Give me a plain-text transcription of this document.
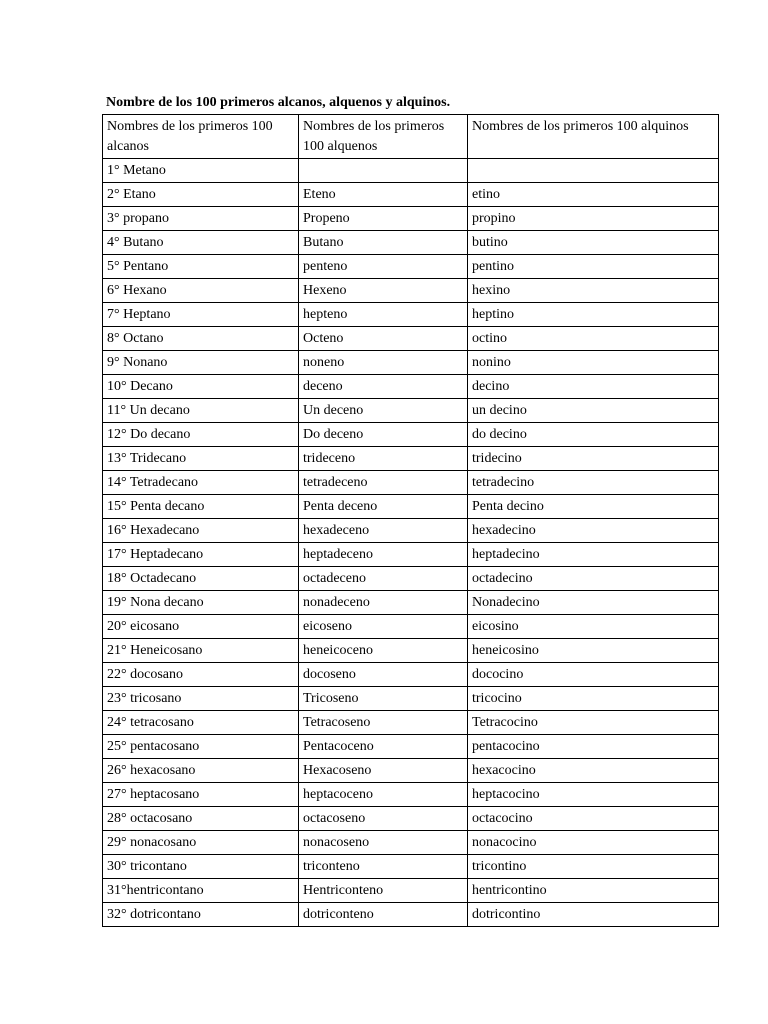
Nombre de los 100 primeros alcanos, alquenos y alquinos.
Nombres de los primeros 100 alcanos	Nombres de los primeros 100 alquenos	Nombres de los primeros 100 alquinos
1° Metano		
2° Etano	Eteno	etino
3° propano	Propeno	propino
4° Butano	Butano	butino
5° Pentano	penteno	pentino
6° Hexano	Hexeno	hexino
7° Heptano	hepteno	heptino
8° Octano	Octeno	octino
9° Nonano	noneno	nonino
10° Decano	deceno	decino
11° Un decano	Un deceno	un decino
12° Do decano	Do deceno	do decino
13° Tridecano	trideceno	tridecino
14° Tetradecano	tetradeceno	tetradecino
15° Penta decano	Penta deceno	Penta decino
16° Hexadecano	hexadeceno	hexadecino
17° Heptadecano	heptadeceno	heptadecino
18° Octadecano	octadeceno	octadecino
19° Nona decano	nonadeceno	Nonadecino
20° eicosano	eicoseno	eicosino
21° Heneicosano	heneicoceno	heneicosino
22° docosano	docoseno	dococino
23° tricosano	Tricoseno	tricocino
24° tetracosano	Tetracoseno	Tetracocino
25° pentacosano	Pentacoceno	pentacocino
26° hexacosano	Hexacoseno	hexacocino
27° heptacosano	heptacoceno	heptacocino
28° octacosano	octacoseno	octacocino
29° nonacosano	nonacoseno	nonacocino
30° tricontano	triconteno	tricontino
31°hentricontano	Hentriconteno	hentricontino
32° dotricontano	dotriconteno	dotricontino
